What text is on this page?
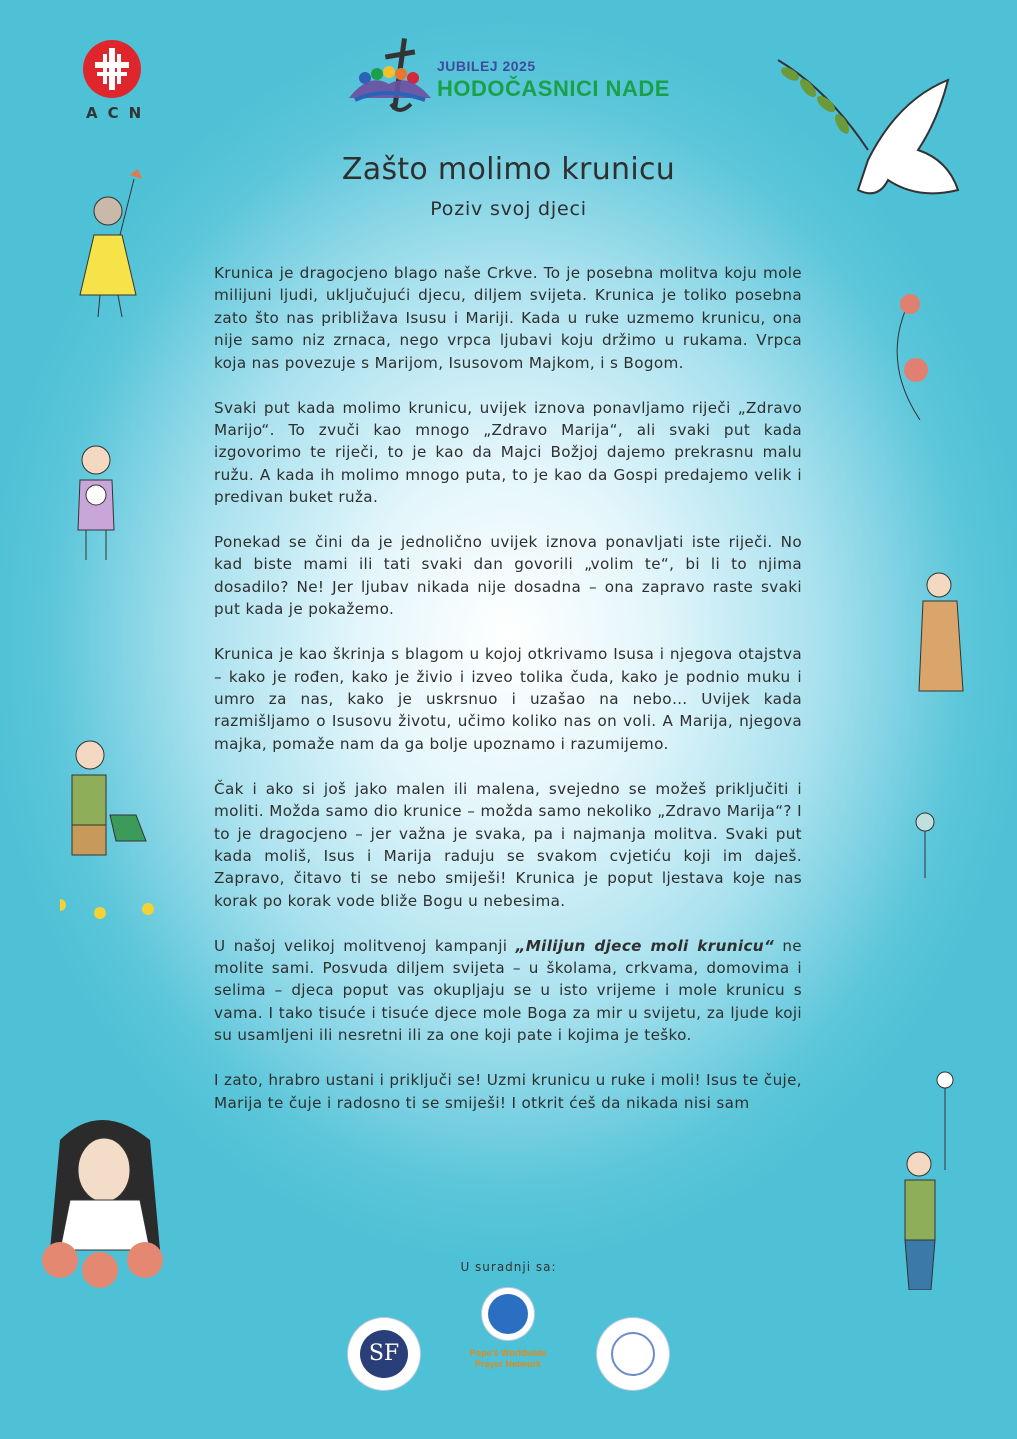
ACN
JUBILEJ 2025
HODOČASNICI NADE
Zašto molimo krunicu
Poziv svoj djeci

Krunica je dragocjeno blago naše Crkve. To je posebna molitva koju mole milijuni ljudi, uključujući djecu, diljem svijeta. Krunica je toliko posebna zato što nas približava Isusu i Mariji. Kada u ruke uzmemo krunicu, ona nije samo niz zrnaca, nego vrpca ljubavi koju držimo u rukama. Vrpca koja nas povezuje s Marijom, Isusovom Majkom, i s Bogom.

Svaki put kada molimo krunicu, uvijek iznova ponavljamo riječi „Zdravo Marijo“. To zvuči kao mnogo „Zdravo Marija“, ali svaki put kada izgovorimo te riječi, to je kao da Majci Božjoj dajemo prekrasnu malu ružu. A kada ih molimo mnogo puta, to je kao da Gospi predajemo velik i predivan buket ruža.

Ponekad se čini da je jednolično uvijek iznova ponavljati iste riječi. No kad biste mami ili tati svaki dan govorili „volim te“, bi li to njima dosadilo? Ne! Jer ljubav nikada nije dosadna – ona zapravo raste svaki put kada je pokažemo.

Krunica je kao škrinja s blagom u kojoj otkrivamo Isusa i njegova otajstva – kako je rođen, kako je živio i izveo tolika čuda, kako je podnio muku i umro za nas, kako je uskrsnuo i uzašao na nebo… Uvijek kada razmišljamo o Isusovu životu, učimo koliko nas on voli. A Marija, njegova majka, pomaže nam da ga bolje upoznamo i razumijemo.

Čak i ako si još jako malen ili malena, svejedno se možeš priključiti i moliti. Možda samo dio krunice – možda samo nekoliko „Zdravo Marija“? I to je dragocjeno – jer važna je svaka, pa i najmanja molitva. Svaki put kada moliš, Isus i Marija raduju se svakom cvjetiću koji im daješ. Zapravo, čitavo ti se nebo smiješi! Krunica je poput ljestava koje nas korak po korak vode bliže Bogu u nebesima.

U našoj velikoj molitvenoj kampanji „Milijun djece moli krunicu“ ne molite sami. Posvuda diljem svijeta – u školama, crkvama, domovima i selima – djeca poput vas okupljaju se u isto vrijeme i mole krunicu s vama. I tako tisuće i tisuće djece mole Boga za mir u svijetu, za ljude koji su usamljeni ili nesretni ili za one koji pate i kojima je teško.

I zato, hrabro ustani i priključi se! Uzmi krunicu u ruke i moli! Isus te čuje, Marija te čuje i radosno ti se smiješi! I otkrit ćeš da nikada nisi sam

U suradnji sa:
SF	Pope's Worldwide Prayer Network
